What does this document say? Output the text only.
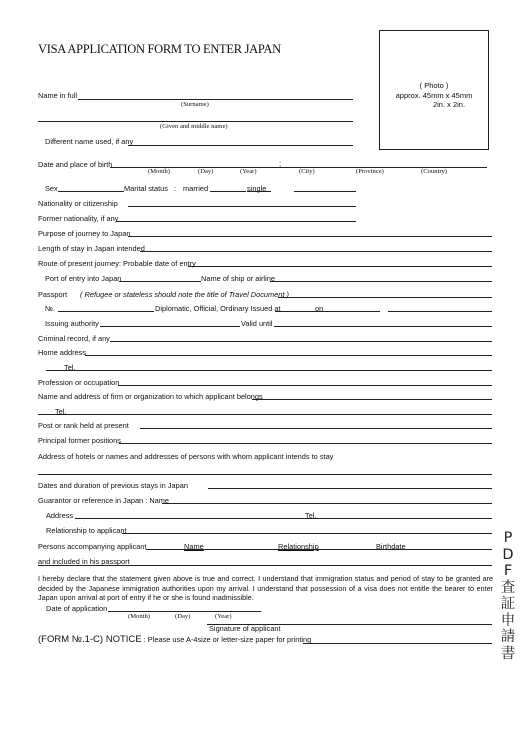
VISA APPLICATION FORM TO ENTER JAPAN
( Photo )
approx. 45mm x 45mm
2in. x 2in.
Name in full
(Surname)
(Given and middle name)
Different name used, if any
Date and place of birth	;
(Month)	(Day)	(Year)	(City)	(Province)	(Country)
Sex	Marital status : married	single
Nationality or citizenship
Former nationality, if any
Purpose of journey to Japan
Length of stay in Japan intended
Route of present journey: Probable date of entry
Port of entry into Japan	Name of ship or airline
Passport ( Refugee or stateless should note the title of Travel Document )
№.	Diplomatic, Official, Ordinary Issued at	on
Issuing authority	Valid until
Criminal record, if any
Home address
Tel.
Profession or occupation
Name and address of firm or organization to which applicant belongs
Tel.
Post or rank held at present
Principal former positions
Address of hotels or names and addresses of persons with whom applicant intends to stay
Dates and duration of previous stays in Japan
Guarantor or reference in Japan : Name
Address	Tel.
Relationship to applicant
Persons accompanying applicant	Name	Relationship	Birthdate
and included in his passport
I hereby declare that the statement given above is true and correct. I understand that immigration status and period of stay to be granted are decided by the Japanese immigration authorities upon my arrival. I understand that possession of a visa does not entitle the bearer to enter Japan upon arrival at port of entry if he or she is found inadmissible.
Date of application
(Month)	(Day)	(Year)
Signature of applicant
(FORM №.1-C) NOTICE : Please use A-4size or letter-size paper for printing
P
D
F
査
証
申
請
書
